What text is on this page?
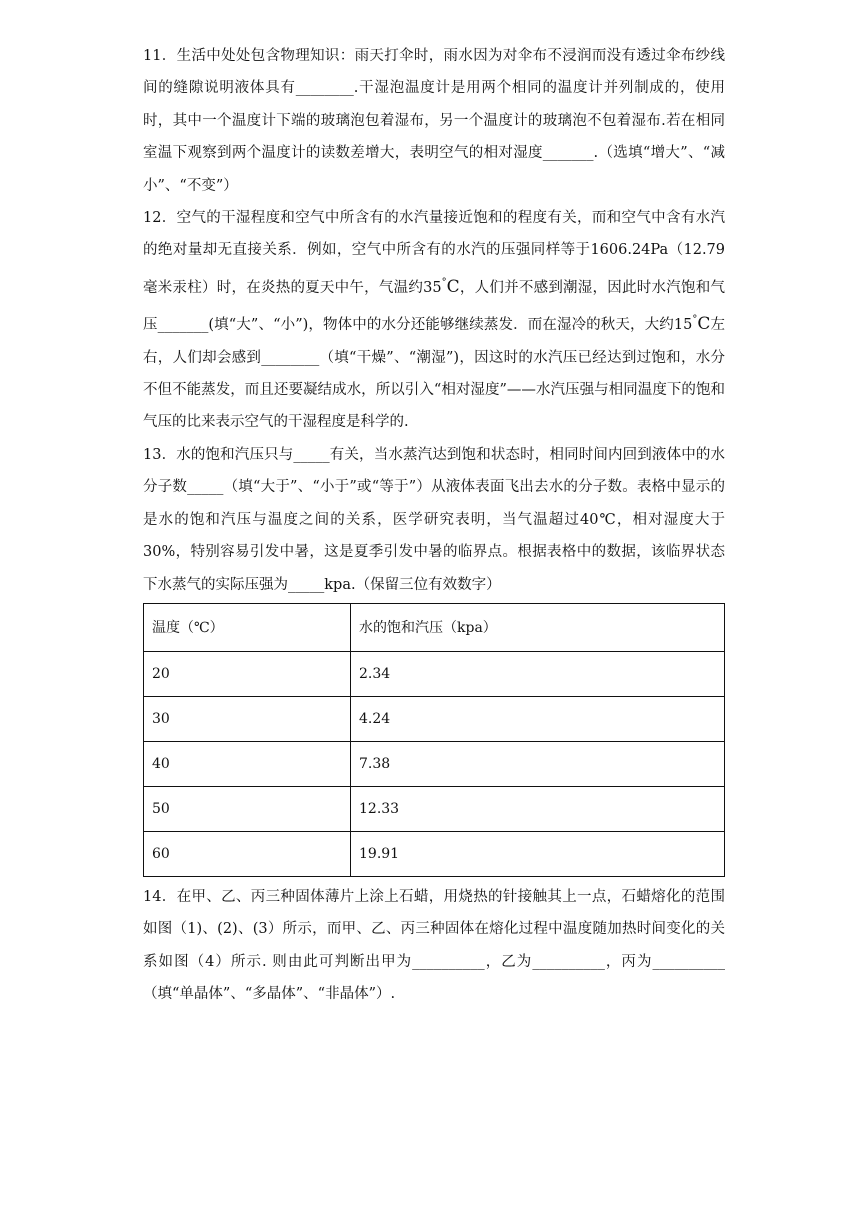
11．生活中处处包含物理知识：雨天打伞时，雨水因为对伞布不浸润而没有透过伞布纱线间的缝隙说明液体具有________.干湿泡温度计是用两个相同的温度计并列制成的，使用时，其中一个温度计下端的玻璃泡包着湿布，另一个温度计的玻璃泡不包着湿布.若在相同室温下观察到两个温度计的读数差增大，表明空气的相对湿度_______.（选填“增大”、“减小”、“不变”）

12．空气的干湿程度和空气中所含有的水汽量接近饱和的程度有关，而和空气中含有水汽的绝对量却无直接关系．例如，空气中所含有的水汽的压强同样等于1606.24Pa（12.79毫米汞柱）时，在炎热的夏天中午，气温约35°C，人们并不感到潮湿，因此时水汽饱和气压_______(填“大”、“小”)，物体中的水分还能够继续蒸发．而在湿冷的秋天，大约15°C左右，人们却会感到________（填“干燥”、“潮湿”)，因这时的水汽压已经达到过饱和，水分不但不能蒸发，而且还要凝结成水，所以引入“相对湿度”——水汽压强与相同温度下的饱和气压的比来表示空气的干湿程度是科学的.

13．水的饱和汽压只与_____有关，当水蒸汽达到饱和状态时，相同时间内回到液体中的水分子数_____（填“大于”、“小于”或“等于”）从液体表面飞出去水的分子数。表格中显示的是水的饱和汽压与温度之间的关系，医学研究表明，当气温超过40℃，相对湿度大于30%，特别容易引发中暑，这是夏季引发中暑的临界点。根据表格中的数据，该临界状态下水蒸气的实际压强为_____kpa.（保留三位有效数字）

温度（℃）	水的饱和汽压（kpa）
20	2.34
30	4.24
40	7.38
50	12.33
60	19.91

14．在甲、乙、丙三种固体薄片上涂上石蜡，用烧热的针接触其上一点，石蜡熔化的范围如图（1)、(2)、(3）所示，而甲、乙、丙三种固体在熔化过程中温度随加热时间变化的关系如图（4）所示. 则由此可判断出甲为__________，乙为__________，丙为__________（填“单晶体”、“多晶体”、“非晶体”）.
